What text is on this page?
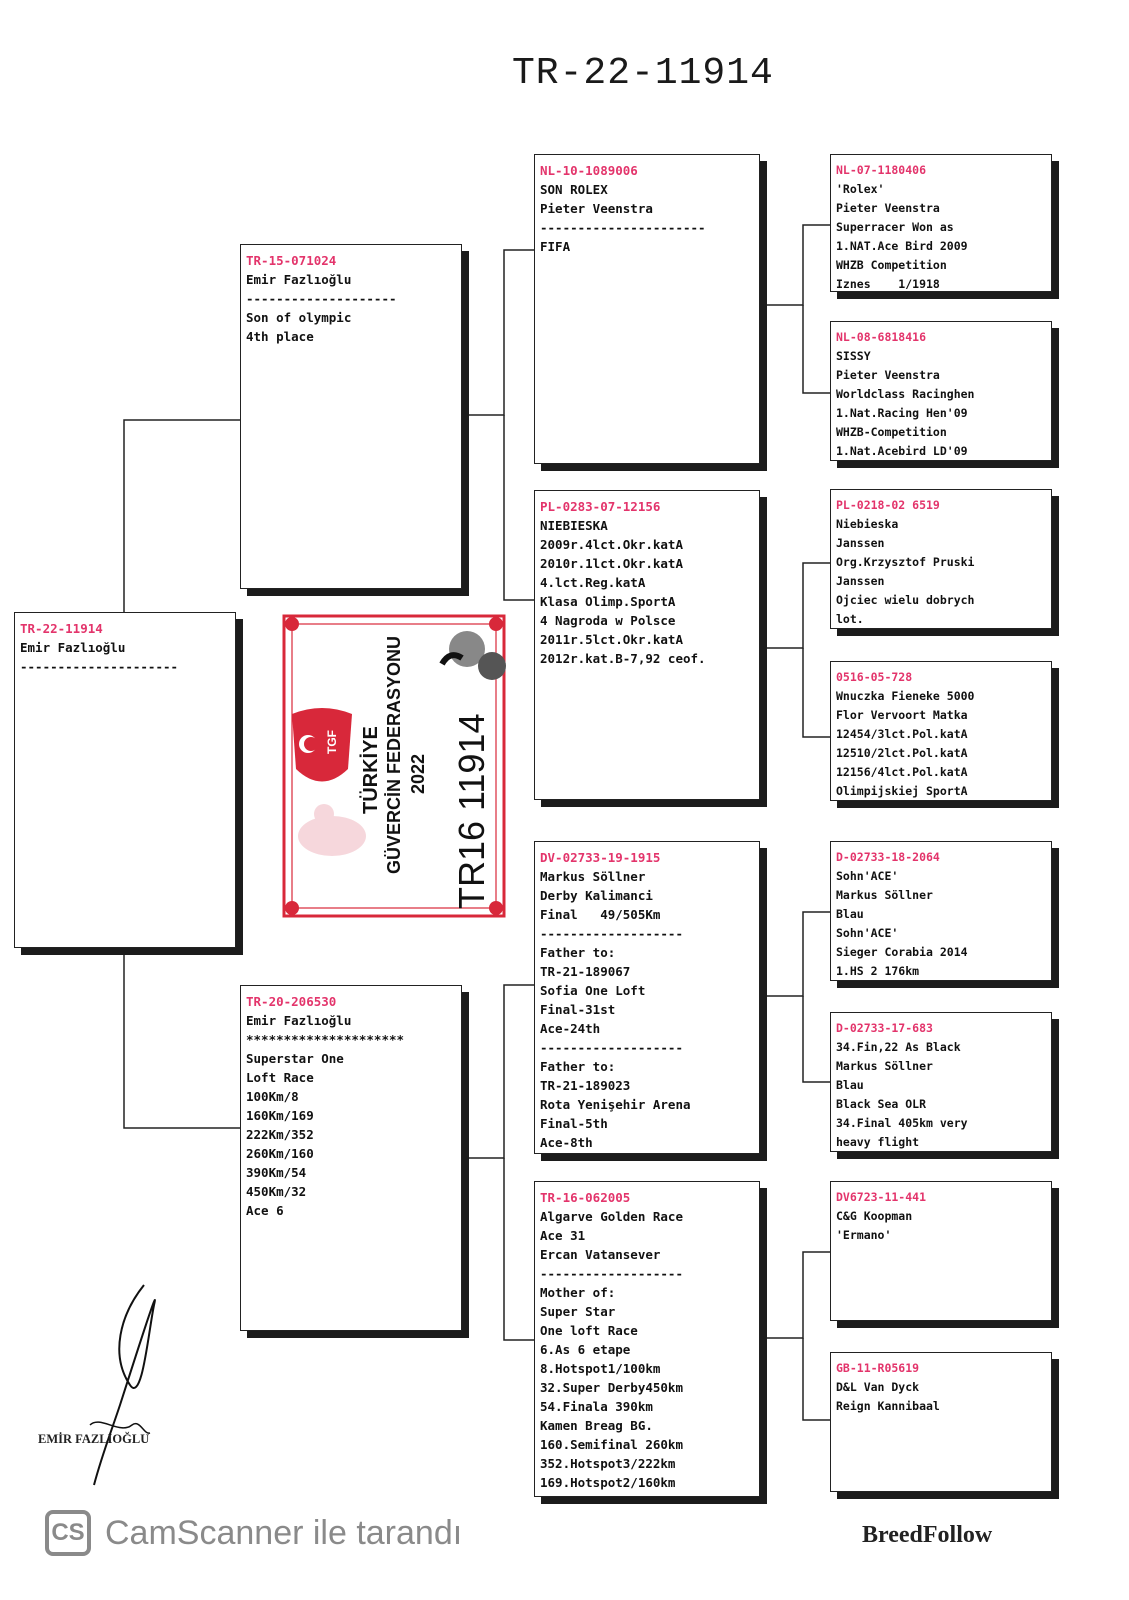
TR-22-11914
TR-22-11914
Emir Fazlıoğlu
---------------------
TR-15-071024
Emir Fazlıoğlu
--------------------
Son of olympic
4th place
TR-20-206530
Emir Fazlıoğlu
*********************
Superstar One
Loft Race
100Km/8
160Km/169
222Km/352
260Km/160
390Km/54
450Km/32
Ace 6
NL-10-1089006
SON ROLEX
Pieter Veenstra
----------------------
FIFA
PL-0283-07-12156
NIEBIESKA
2009r.4lct.Okr.katA
2010r.1lct.Okr.katA
4.lct.Reg.katA
Klasa Olimp.SportA
4 Nagroda w Polsce
2011r.5lct.Okr.katA
2012r.kat.B-7,92 ceof.
DV-02733-19-1915
Markus Söllner
Derby Kalimanci
Final   49/505Km
-------------------
Father to:
TR-21-189067
Sofia One Loft
Final-31st
Ace-24th
-------------------
Father to:
TR-21-189023
Rota Yenişehir Arena
Final-5th
Ace-8th
TR-16-062005
Algarve Golden Race
Ace 31
Ercan Vatansever
-------------------
Mother of:
Super Star
One loft Race
6.As 6 etape
8.Hotspot1/100km
32.Super Derby450km
54.Finala 390km
Kamen Breag BG.
160.Semifinal 260km
352.Hotspot3/222km
169.Hotspot2/160km
NL-07-1180406
'Rolex'
Pieter Veenstra
Superracer Won as
1.NAT.Ace Bird 2009
WHZB Competition
Iznes    1/1918
NL-08-6818416
SISSY
Pieter Veenstra
Worldclass Racinghen
1.Nat.Racing Hen'09
WHZB-Competition
1.Nat.Acebird LD'09
PL-0218-02 6519
Niebieska
Janssen
Org.Krzysztof Pruski
Janssen
Ojciec wielu dobrych
lot.
0516-05-728
Wnuczka Fieneke 5000
Flor Vervoort Matka
12454/3lct.Pol.katA
12510/2lct.Pol.katA
12156/4lct.Pol.katA
Olimpijskiej SportA
D-02733-18-2064
Sohn'ACE'
Markus Söllner
Blau
Sohn'ACE'
Sieger Corabia 2014
1.HS 2 176km
D-02733-17-683
34.Fin,22 As Black
Markus Söllner
Blau
Black Sea OLR
34.Final 405km very
heavy flight
DV6723-11-441
C&G Koopman
'Ermano'
GB-11-R05619
D&L Van Dyck
Reign Kannibaal
TGF TÜRKİYE GÜVERCİN FEDERASYONU 2022 TR16 11914
EMİR FAZLIOĞLU
CS CamScanner ile tarandı	BreedFollow
